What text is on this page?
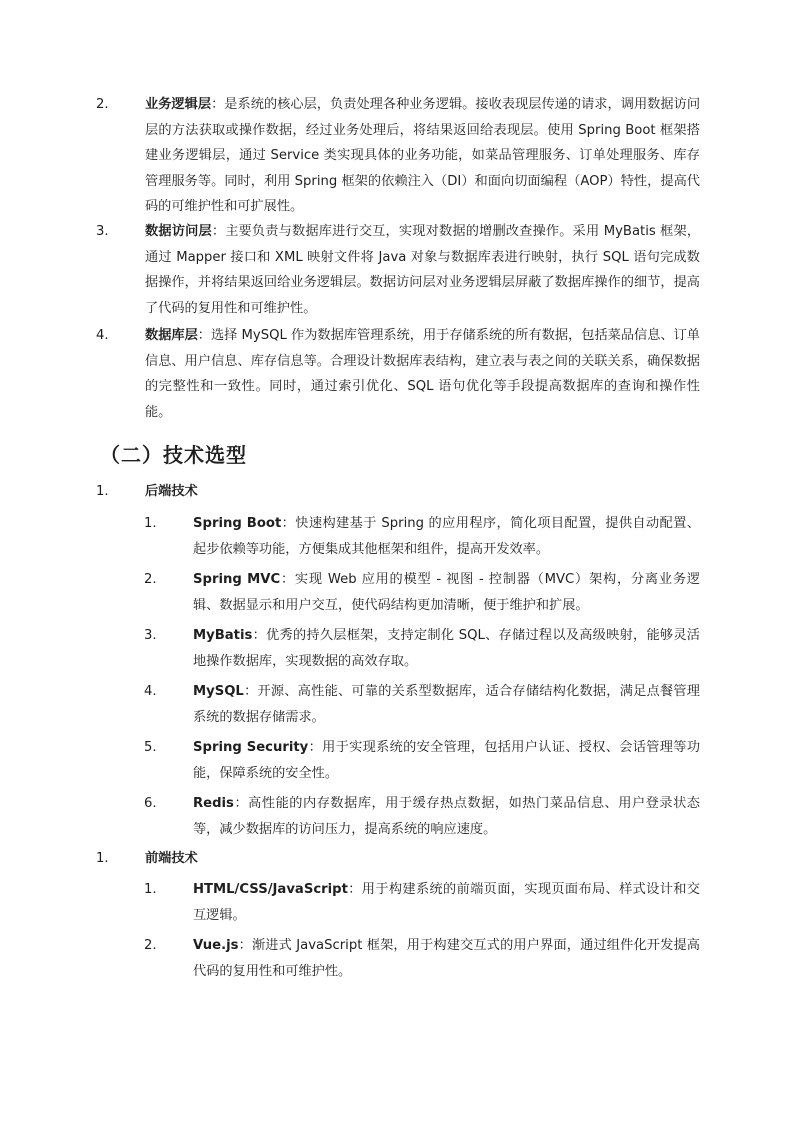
2.	业务逻辑层：是系统的核心层，负责处理各种业务逻辑。接收表现层传递的请求，调用数据访问层的方法获取或操作数据，经过业务处理后，将结果返回给表现层。使用 Spring Boot 框架搭建业务逻辑层，通过 Service 类实现具体的业务功能，如菜品管理服务、订单处理服务、库存管理服务等。同时，利用 Spring 框架的依赖注入（DI）和面向切面编程（AOP）特性，提高代码的可维护性和可扩展性。
3.	数据访问层：主要负责与数据库进行交互，实现对数据的增删改查操作。采用 MyBatis 框架，通过 Mapper 接口和 XML 映射文件将 Java 对象与数据库表进行映射，执行 SQL 语句完成数据操作，并将结果返回给业务逻辑层。数据访问层对业务逻辑层屏蔽了数据库操作的细节，提高了代码的复用性和可维护性。
4.	数据库层：选择 MySQL 作为数据库管理系统，用于存储系统的所有数据，包括菜品信息、订单信息、用户信息、库存信息等。合理设计数据库表结构，建立表与表之间的关联关系，确保数据的完整性和一致性。同时，通过索引优化、SQL 语句优化等手段提高数据库的查询和操作性能。
（二）技术选型
1.	后端技术
1.	Spring Boot：快速构建基于 Spring 的应用程序，简化项目配置，提供自动配置、起步依赖等功能，方便集成其他框架和组件，提高开发效率。
2.	Spring MVC：实现 Web 应用的模型 - 视图 - 控制器（MVC）架构，分离业务逻辑、数据显示和用户交互，使代码结构更加清晰，便于维护和扩展。
3.	MyBatis：优秀的持久层框架，支持定制化 SQL、存储过程以及高级映射，能够灵活地操作数据库，实现数据的高效存取。
4.	MySQL：开源、高性能、可靠的关系型数据库，适合存储结构化数据，满足点餐管理系统的数据存储需求。
5.	Spring Security：用于实现系统的安全管理，包括用户认证、授权、会话管理等功能，保障系统的安全性。
6.	Redis：高性能的内存数据库，用于缓存热点数据，如热门菜品信息、用户登录状态等，减少数据库的访问压力，提高系统的响应速度。
1.	前端技术
1.	HTML/CSS/JavaScript：用于构建系统的前端页面，实现页面布局、样式设计和交互逻辑。
2.	Vue.js：渐进式 JavaScript 框架，用于构建交互式的用户界面，通过组件化开发提高代码的复用性和可维护性。
